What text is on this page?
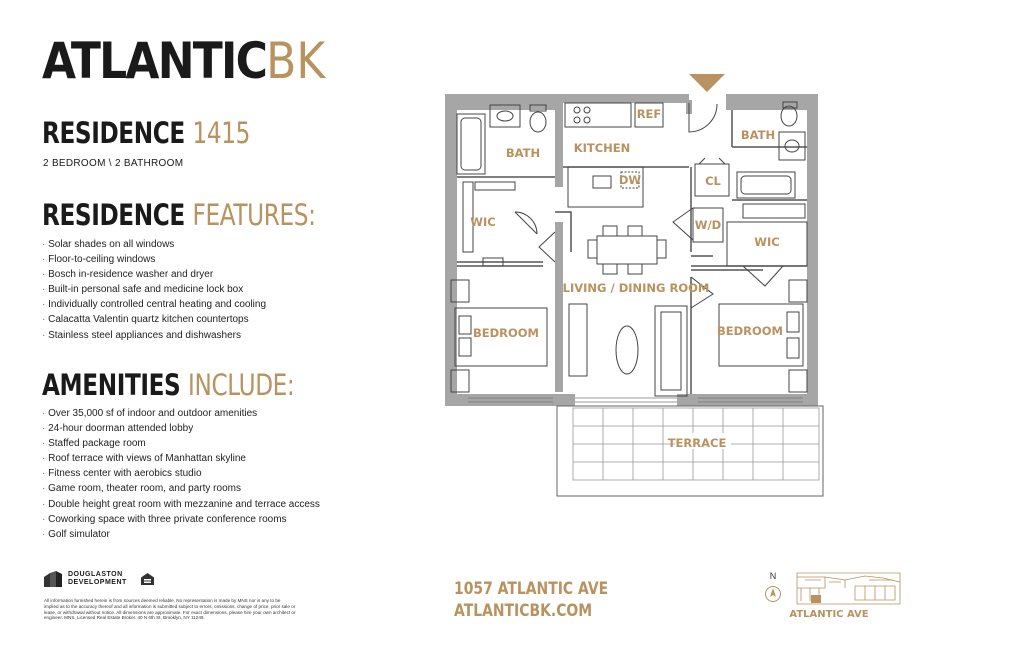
ATLANTICBK
RESIDENCE 1415
2 BEDROOM \ 2 BATHROOM
RESIDENCE FEATURES:
· Solar shades on all windows
· Floor-to-ceiling windows
· Bosch in-residence washer and dryer
· Built-in personal safe and medicine lock box
· Individually controlled central heating and cooling
· Calacatta Valentin quartz kitchen countertops
· Stainless steel appliances and dishwashers
AMENITIES INCLUDE:
· Over 35,000 sf of indoor and outdoor amenities
· 24-hour doorman attended lobby
· Staffed package room
· Roof terrace with views of Manhattan skyline
· Fitness center with aerobics studio
· Game room, theater room, and party rooms
· Double height great room with mezzanine and terrace access
· Coworking space with three private conference rooms
· Golf simulator
DOUGLASTON
DEVELOPMENT
All information furnished herein is from sources deemed reliable. No representation is made by MNS nor is any to be implied as to the accuracy thereof and all information is submitted subject to errors, omissions, change of price, prior sale or lease, or withdrawal without notice. All dimensions are approximate. For exact dimensions, please hire your own architect or engineer. MNS, Licensed Real Estate Broker. 40 N 6th St, Brooklyn, NY 11249.
1057 ATLANTIC AVE
ATLANTICBK.COM
N
ATLANTIC AVE
BATH
WIC
KITCHEN
REF
DW
BATH
CL
W/D
WIC
LIVING / DINING ROOM
BEDROOM	BEDROOM
TERRACE
